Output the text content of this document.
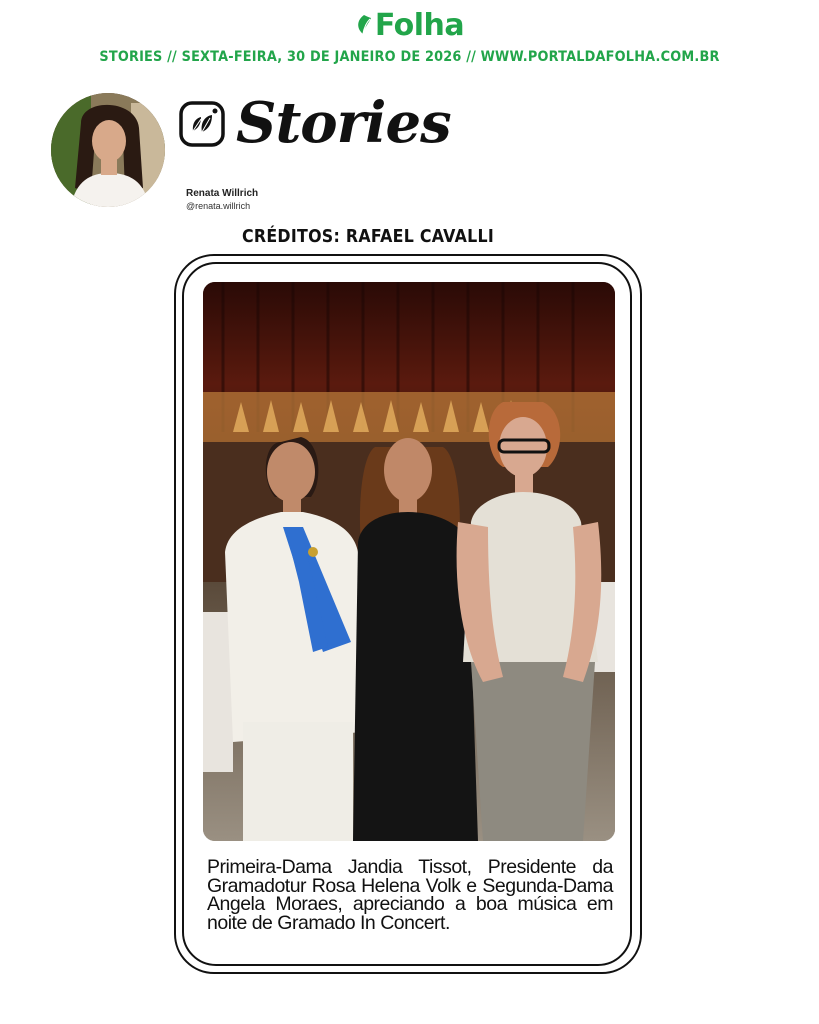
Folha
STORIES // SEXTA-FEIRA, 30 DE JANEIRO DE 2026 // WWW.PORTALDAFOLHA.COM.BR
Stories
Renata Willrich
@renata.willrich
CRÉDITOS: RAFAEL CAVALLI
Primeira-Dama Jandia Tissot, Presidente da Gramadotur Rosa Helena Volk e Segunda-Dama Angela Moraes, apreciando a boa música em noite de Gramado In Concert.
